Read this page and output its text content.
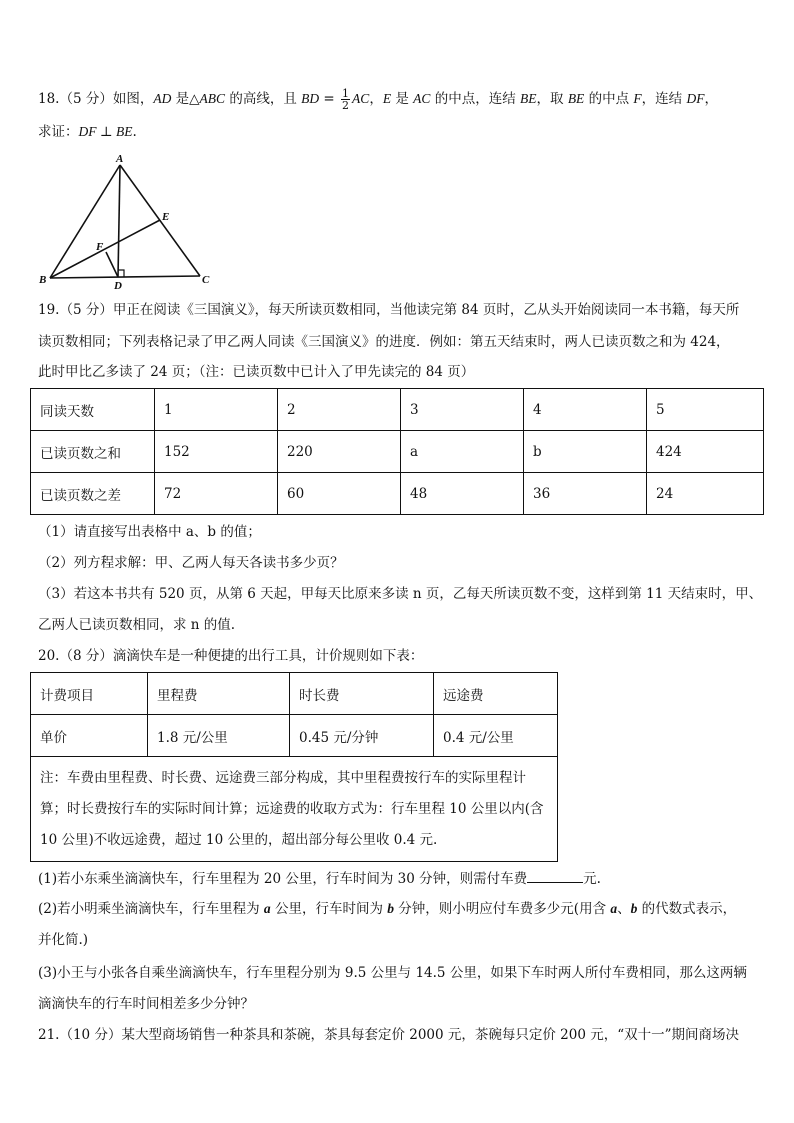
18.（5 分）如图，AD 是△ABC 的高线，且 BD = $\frac{1}{2}$ AC，E 是 AC 的中点，连结 BE，取 BE 的中点 F，连结 DF，
求证：DF ⊥ BE.
A
B	C
D
E
F
19.（5 分）甲正在阅读《三国演义》，每天所读页数相同，当他读完第 84 页时，乙从头开始阅读同一本书籍，每天所
读页数相同；下列表格记录了甲乙两人同读《三国演义》的进度．例如：第五天结束时，两人已读页数之和为 424，
此时甲比乙多读了 24 页；（注：已读页数中已计入了甲先读完的 84 页）
同读天数	1	2	3	4	5
已读页数之和	152	220	a	b	424
已读页数之差	72	60	48	36	24
（1）请直接写出表格中 a、b 的值；
（2）列方程求解：甲、乙两人每天各读书多少页？
（3）若这本书共有 520 页，从第 6 天起，甲每天比原来多读 n 页，乙每天所读页数不变，这样到第 11 天结束时，甲、
乙两人已读页数相同，求 n 的值.
20.（8 分）滴滴快车是一种便捷的出行工具，计价规则如下表：
计费项目	里程费	时长费	远途费
单价	1.8 元/公里	0.45 元/分钟	0.4 元/公里

注：车费由里程费、时长费、远途费三部分构成，其中里程费按行车的实际里程计
算；时长费按行车的实际时间计算；远途费的收取方式为：行车里程 10 公里以内(含
10 公里)不收远途费，超过 10 公里的，超出部分每公里收 0.4 元.			
(1)若小东乘坐滴滴快车，行车里程为 20 公里，行车时间为 30 分钟，则需付车费	元.
(2)若小明乘坐滴滴快车，行车里程为 a 公里，行车时间为 b 分钟，则小明应付车费多少元(用含 a、b 的代数式表示，
并化简.)
(3)小王与小张各自乘坐滴滴快车，行车里程分别为 9.5 公里与 14.5 公里，如果下车时两人所付车费相同，那么这两辆
滴滴快车的行车时间相差多少分钟？
21.（10 分）某大型商场销售一种茶具和茶碗，茶具每套定价 2000 元，茶碗每只定价 200 元，“双十一”期间商场决
